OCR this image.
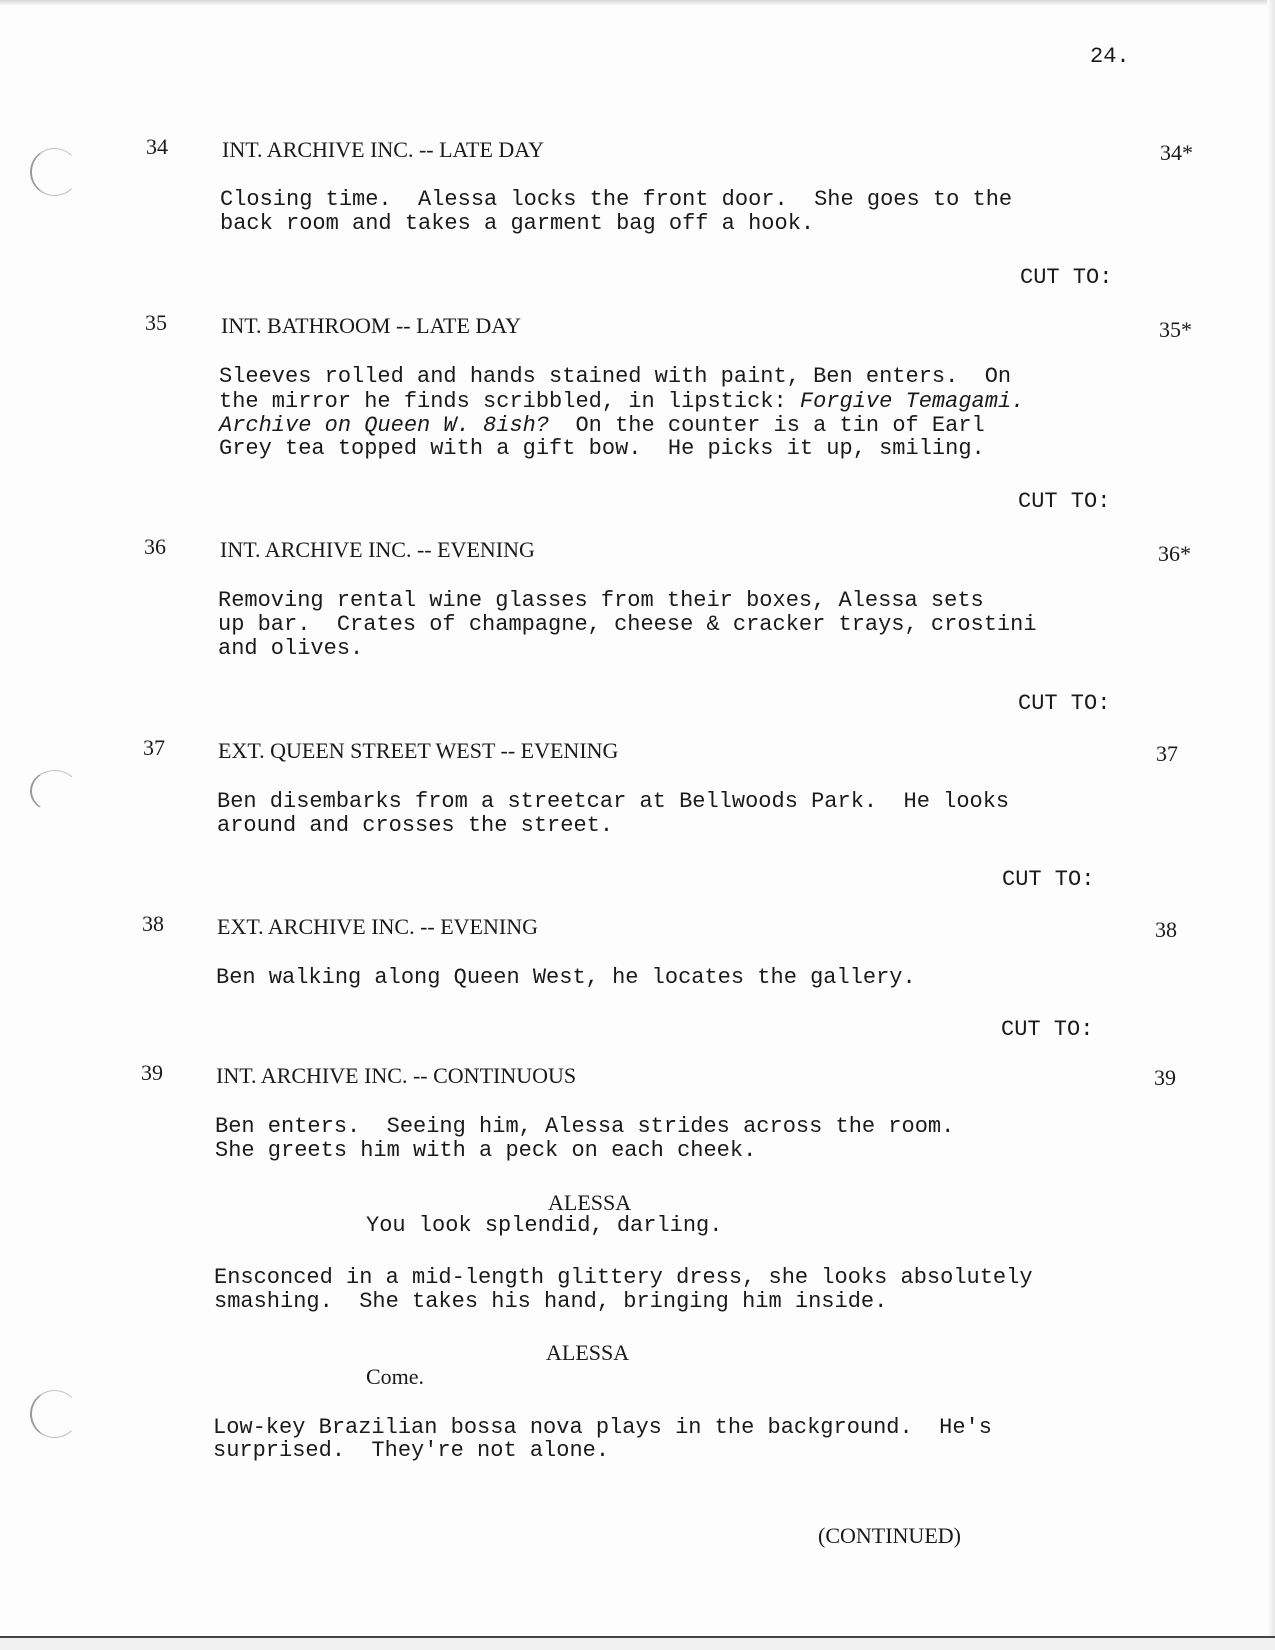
24.
34 INT. ARCHIVE INC. -- LATE DAY	34*
Closing time.  Alessa locks the front door.  She goes to the
back room and takes a garment bag off a hook.
CUT TO:
35 INT. BATHROOM -- LATE DAY	35*
Sleeves rolled and hands stained with paint, Ben enters.  On
the mirror he finds scribbled, in lipstick: Forgive Temagami.
Archive on Queen W. 8ish?  On the counter is a tin of Earl
Grey tea topped with a gift bow.  He picks it up, smiling.
CUT TO:
36 INT. ARCHIVE INC. -- EVENING	36*
Removing rental wine glasses from their boxes, Alessa sets
up bar.  Crates of champagne, cheese & cracker trays, crostini
and olives.
CUT TO:
37 EXT. QUEEN STREET WEST -- EVENING	37
Ben disembarks from a streetcar at Bellwoods Park.  He looks
around and crosses the street.
CUT TO:
38 EXT. ARCHIVE INC. -- EVENING	38
Ben walking along Queen West, he locates the gallery.
CUT TO:
39 INT. ARCHIVE INC. -- CONTINUOUS	39
Ben enters.  Seeing him, Alessa strides across the room.
She greets him with a peck on each cheek.
ALESSA
You look splendid, darling.
Ensconced in a mid-length glittery dress, she looks absolutely
smashing.  She takes his hand, bringing him inside.
ALESSA
Come.
Low-key Brazilian bossa nova plays in the background.  He's
surprised.  They're not alone.
(CONTINUED)
